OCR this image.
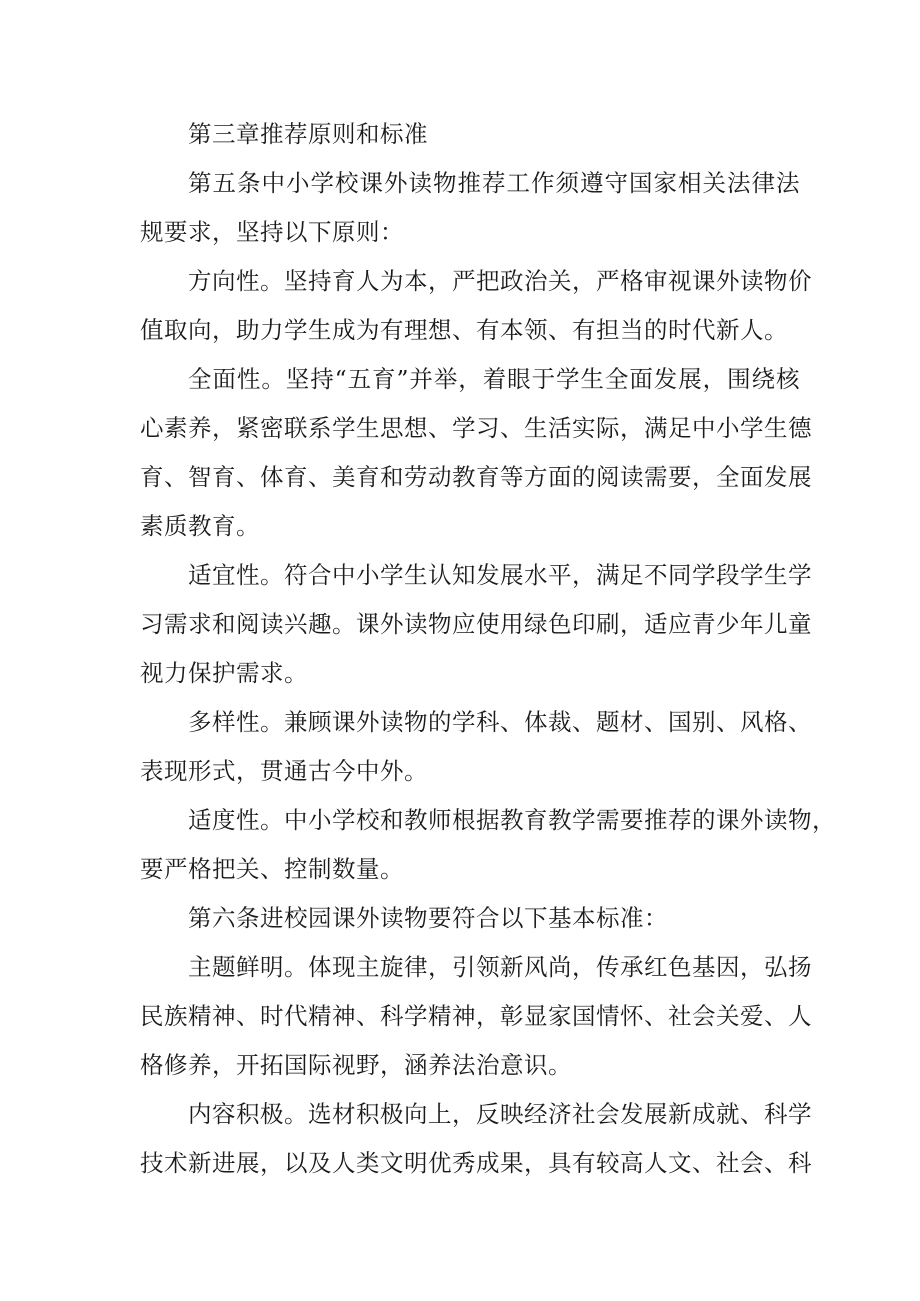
第三章推荐原则和标准
第五条中小学校课外读物推荐工作须遵守国家相关法律法
规要求，坚持以下原则：
方向性。坚持育人为本，严把政治关，严格审视课外读物价
值取向，助力学生成为有理想、有本领、有担当的时代新人。
全面性。坚持“五育”并举，着眼于学生全面发展，围绕核
心素养，紧密联系学生思想、学习、生活实际，满足中小学生德
育、智育、体育、美育和劳动教育等方面的阅读需要，全面发展
素质教育。
适宜性。符合中小学生认知发展水平，满足不同学段学生学
习需求和阅读兴趣。课外读物应使用绿色印刷，适应青少年儿童
视力保护需求。
多样性。兼顾课外读物的学科、体裁、题材、国别、风格、
表现形式，贯通古今中外。
适度性。中小学校和教师根据教育教学需要推荐的课外读物，
要严格把关、控制数量。
第六条进校园课外读物要符合以下基本标准：
主题鲜明。体现主旋律，引领新风尚，传承红色基因，弘扬
民族精神、时代精神、科学精神，彰显家国情怀、社会关爱、人
格修养，开拓国际视野，涵养法治意识。
内容积极。选材积极向上，反映经济社会发展新成就、科学
技术新进展，以及人类文明优秀成果，具有较高人文、社会、科
